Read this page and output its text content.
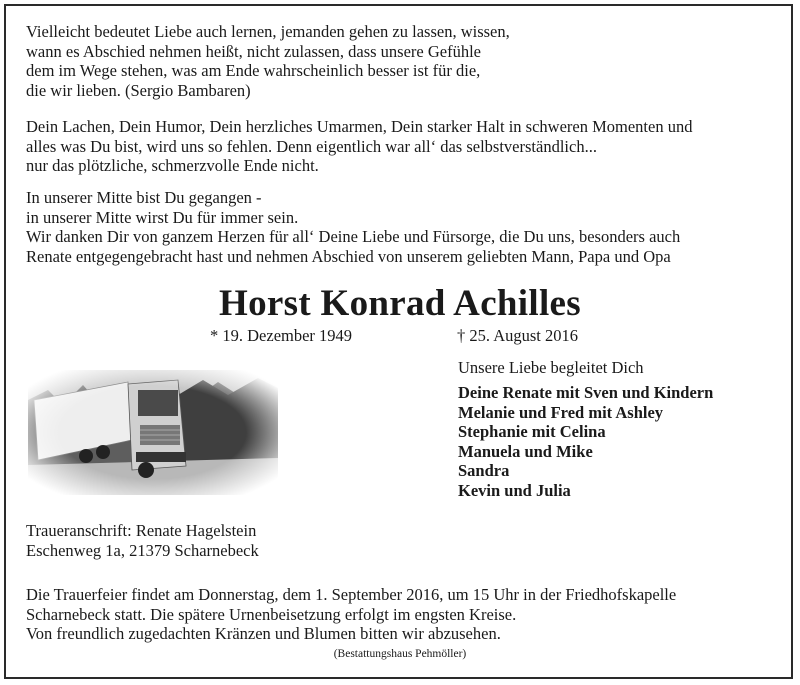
Vielleicht bedeutet Liebe auch lernen, jemanden gehen zu lassen, wissen,
wann es Abschied nehmen heißt, nicht zulassen, dass unsere Gefühle
dem im Wege stehen, was am Ende wahrscheinlich besser ist für die,
die wir lieben. (Sergio Bambaren)
Dein Lachen, Dein Humor, Dein herzliches Umarmen, Dein starker Halt in schweren Momenten und
alles was Du bist, wird uns so fehlen. Denn eigentlich war all‘ das selbstverständlich...
nur das plötzliche, schmerzvolle Ende nicht.
In unserer Mitte bist Du gegangen -
in unserer Mitte wirst Du für immer sein.
Wir danken Dir von ganzem Herzen für all‘ Deine Liebe und Fürsorge, die Du uns, besonders auch
Renate entgegengebracht hast und nehmen Abschied von unserem geliebten Mann, Papa und Opa
Horst Konrad Achilles
* 19. Dezember 1949	† 25. August 2016
Unsere Liebe begleitet Dich
Deine Renate mit Sven und Kindern
Melanie und Fred mit Ashley
Stephanie mit Celina
Manuela und Mike
Sandra
Kevin und Julia
Traueranschrift: Renate Hagelstein
Eschenweg 1a, 21379 Scharnebeck
Die Trauerfeier findet am Donnerstag, dem 1. September 2016, um 15 Uhr in der Friedhofskapelle
Scharnebeck statt. Die spätere Urnenbeisetzung erfolgt im engsten Kreise.
Von freundlich zugedachten Kränzen und Blumen bitten wir abzusehen.
(Bestattungshaus Pehmöller)
